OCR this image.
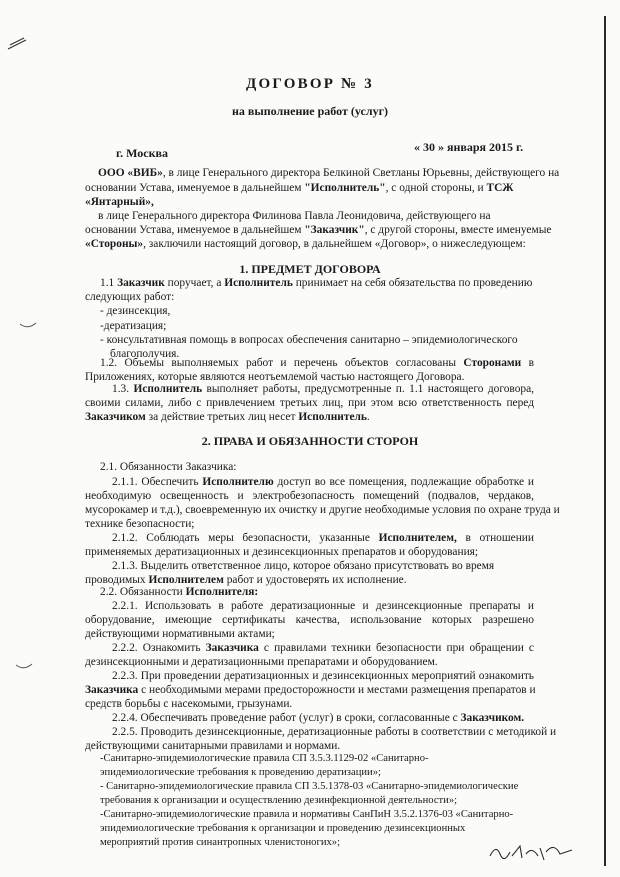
ДОГОВОР № 3
на выполнение работ (услуг)
г. Москва	« 30 » января 2015 г.
ООО «ВИБ», в лице Генерального директора Белкиной Светланы Юрьевны, действующего на
основании Устава, именуемое в дальнейшем "Исполнитель", с одной стороны, и ТСЖ
«Янтарный»,
в лице Генерального директора Филинова Павла Леонидовича, действующего на
основании Устава, именуемое в дальнейшем "Заказчик", с другой стороны, вместе именуемые
«Стороны», заключили настоящий договор, в дальнейшем «Договор», о нижеследующем:
1. ПРЕДМЕТ ДОГОВОРА
1.1 Заказчик поручает, а Исполнитель принимает на себя обязательства по проведению
следующих работ:
- дезинсекция,
-дератизация;
- консультативная помощь в вопросах обеспечения санитарно – эпидемиологического
благополучия.
1.2. Объемы выполняемых работ и перечень объектов согласованы Сторонами в
Приложениях, которые являются неотъемлемой частью настоящего Договора.
1.3. Исполнитель выполняет работы, предусмотренные п. 1.1 настоящего договора,
своими силами, либо с привлечением третьих лиц, при этом всю ответственность перед
Заказчиком за действие третьих лиц несет Исполнитель.
2. ПРАВА И ОБЯЗАННОСТИ СТОРОН
2.1. Обязанности Заказчика:
2.1.1. Обеспечить Исполнителю доступ во все помещения, подлежащие обработке и
необходимую освещенность и электробезопасность помещений (подвалов, чердаков,
мусорокамер и т.д.), своевременную их очистку и другие необходимые условия по охране труда и
технике безопасности;
2.1.2. Соблюдать меры безопасности, указанные Исполнителем, в отношении
применяемых дератизационных и дезинсекционных препаратов и оборудования;
2.1.3. Выделить ответственное лицо, которое обязано присутствовать во время
проводимых Исполнителем работ и удостоверять их исполнение.
2.2. Обязанности Исполнителя:
2.2.1. Использовать в работе дератизационные и дезинсекционные препараты и
оборудование, имеющие сертификаты качества, использование которых разрешено
действующими нормативными актами;
2.2.2. Ознакомить Заказчика с правилами техники безопасности при обращении с
дезинсекционными и дератизационными препаратами и оборудованием.
2.2.3. При проведении дератизационных и дезинсекционных мероприятий ознакомить
Заказчика с необходимыми мерами предосторожности и местами размещения препаратов и
средств борьбы с насекомыми, грызунами.
2.2.4. Обеспечивать проведение работ (услуг) в сроки, согласованные с Заказчиком.
2.2.5. Проводить дезинсекционные, дератизационные работы в соответствии с методикой и
действующими санитарными правилами и нормами.
-Санитарно-эпидемиологические правила СП 3.5.3.1129-02 «Санитарно-
эпидемиологические требования к проведению дератизации»;
- Санитарно-эпидемиологические правила СП 3.5.1378-03 «Санитарно-эпидемиологические
требования к организации и осуществлению дезинфекционной деятельности»;
-Санитарно-эпидемиологические правила и нормативы СанПиН 3.5.2.1376-03 «Санитарно-
эпидемиологические требования к организации и проведению дезинсекционных
мероприятий против синантропных членистоногих»;
